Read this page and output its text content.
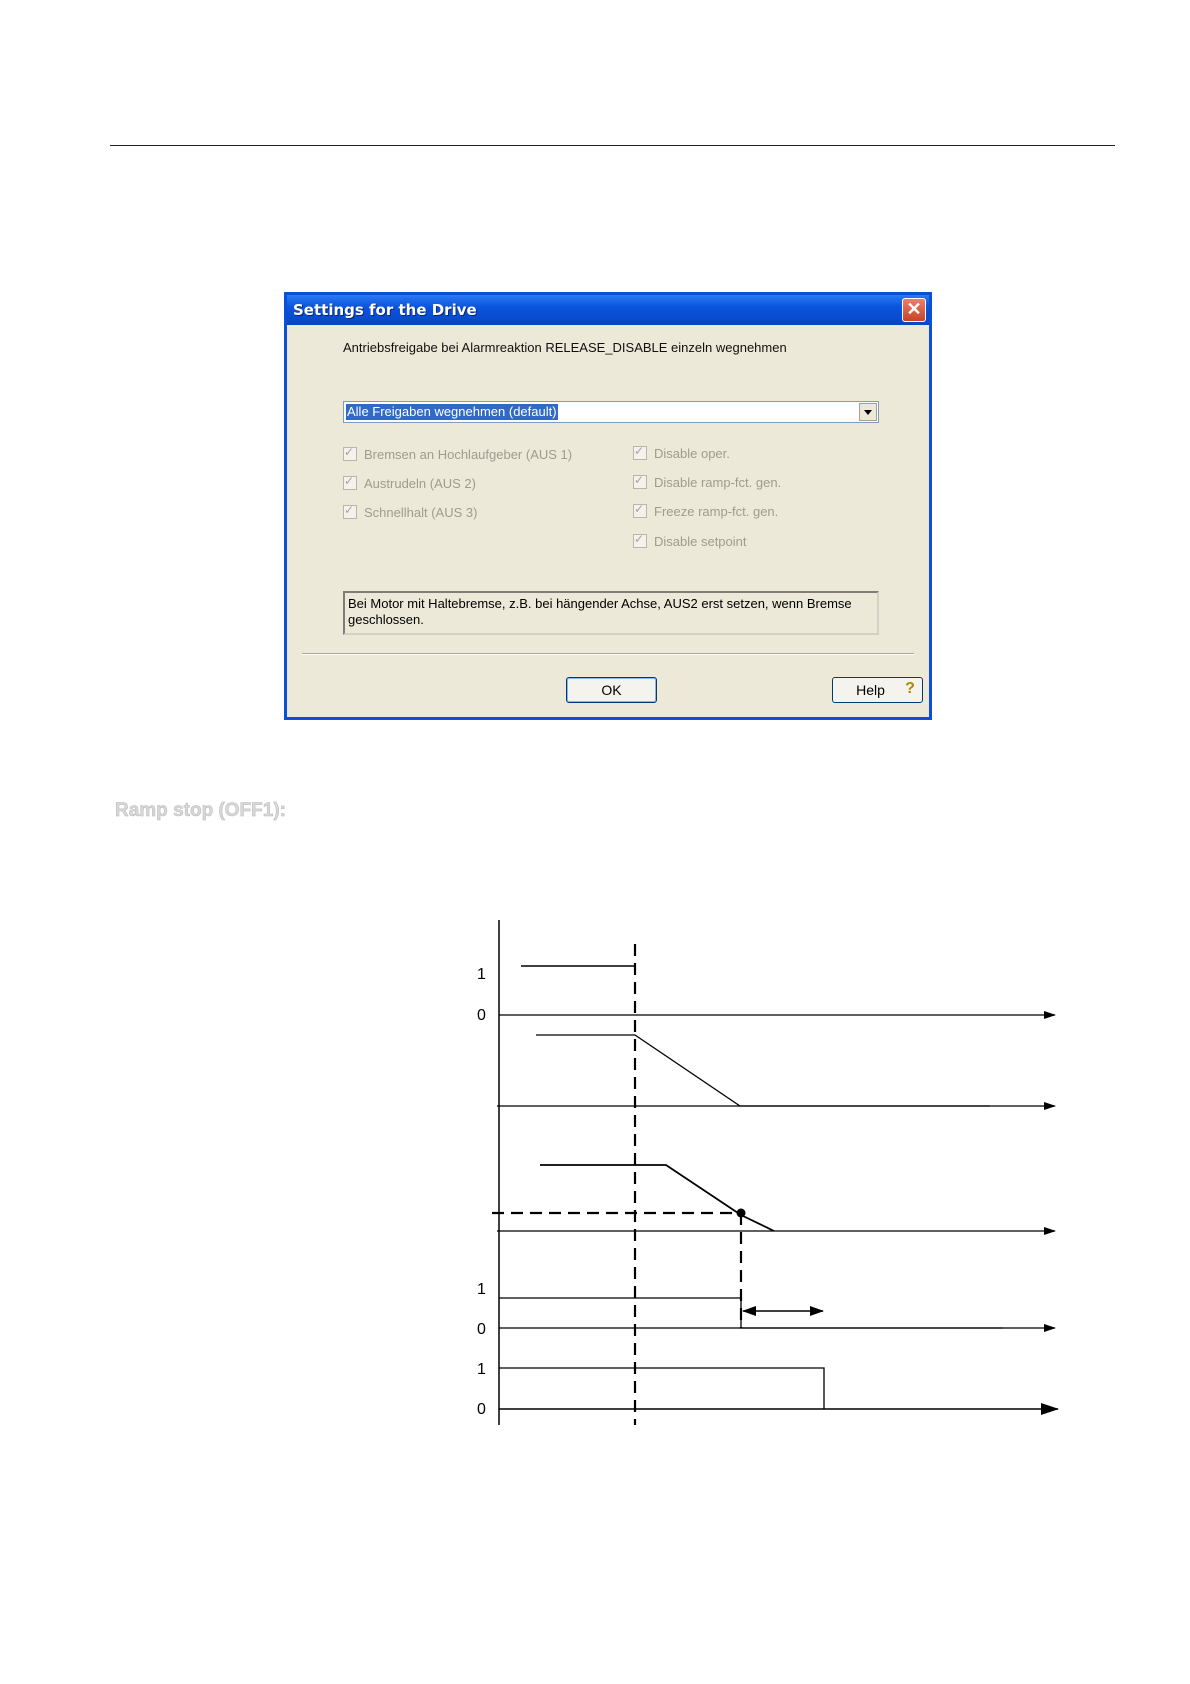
Settings for the Drive	✕
Antriebsfreigabe bei Alarmreaktion RELEASE_DISABLE einzeln wegnehmen
Alle Freigaben wegnehmen (default)
✓Bremsen an Hochlaufgeber (AUS 1)
✓Austrudeln (AUS 2)
✓Schnellhalt (AUS 3)
✓Disable oper.
✓Disable ramp-fct. gen.
✓Freeze ramp-fct. gen.
✓Disable setpoint
Bei Motor mit Haltebremse, z.B. bei hängender Achse, AUS2 erst setzen, wenn Bremse geschlossen.
OK	Help ?
Ramp stop (OFF1):
1
0
1
0
1
0
